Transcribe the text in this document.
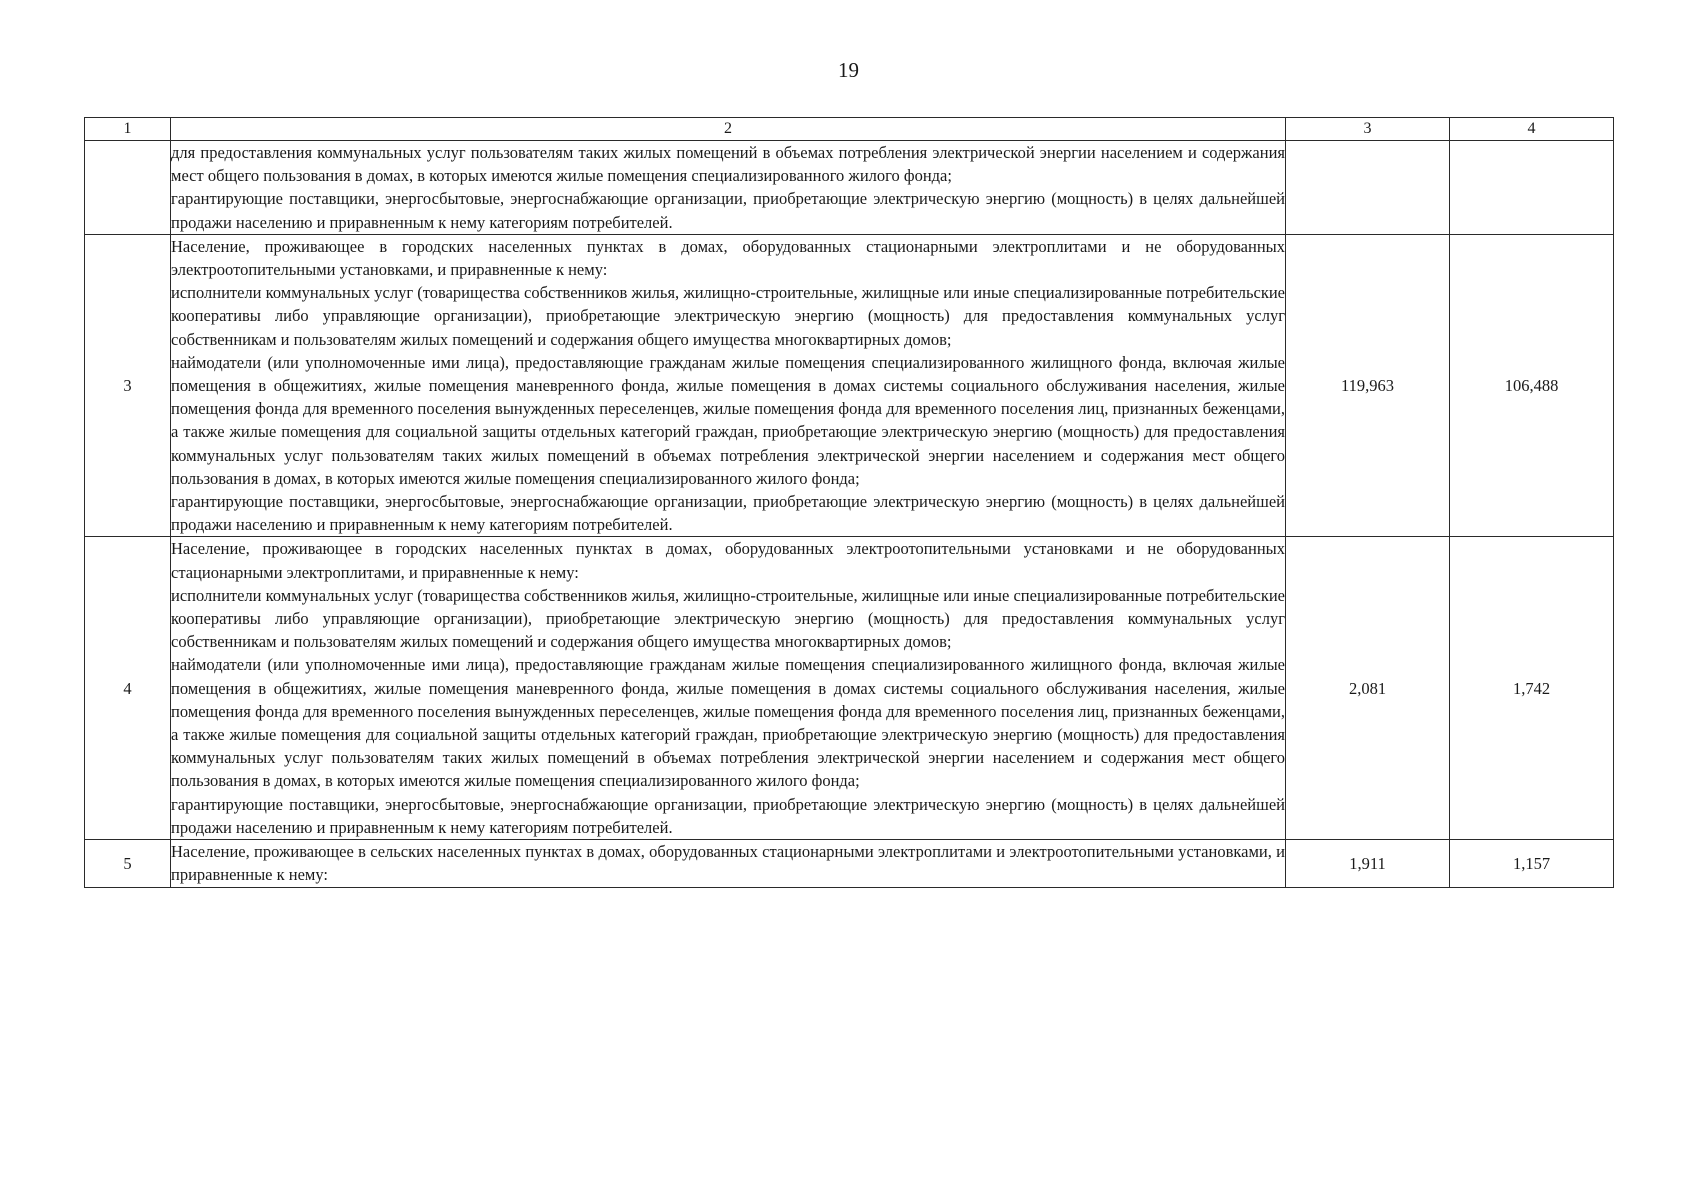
19
1	2	3	4

	для предоставления коммунальных услуг пользователям таких жилых помещений в объемах потребления электрической энергии населением и содержания мест общего пользования в домах, в которых имеются жилые помещения специализированного жилого фонда;

гарантирующие поставщики, энергосбытовые, энергоснабжающие организации, приобретающие электрическую энергию (мощность) в целях дальнейшей продажи населению и приравненным к нему категориям потребителей.		

3	Население, проживающее в городских населенных пунктах в домах, оборудованных стационарными электроплитами и не оборудованных электроотопительными установками, и приравненные к нему:

исполнители коммунальных услуг (товарищества собственников жилья, жилищно-строительные, жилищные или иные специализированные потребительские кооперативы либо управляющие организации), приобретающие электрическую энергию (мощность) для предоставления коммунальных услуг собственникам и пользователям жилых помещений и содержания общего имущества многоквартирных домов;

наймодатели (или уполномоченные ими лица), предоставляющие гражданам жилые помещения специализированного жилищного фонда, включая жилые помещения в общежитиях, жилые помещения маневренного фонда, жилые помещения в домах системы социального обслуживания населения, жилые помещения фонда для временного поселения вынужденных переселенцев, жилые помещения фонда для временного поселения лиц, признанных беженцами, а также жилые помещения для социальной защиты отдельных категорий граждан, приобретающие электрическую энергию (мощность) для предоставления коммунальных услуг пользователям таких жилых помещений в объемах потребления электрической энергии населением и содержания мест общего пользования в домах, в которых имеются жилые помещения специализированного жилого фонда;

гарантирующие поставщики, энергосбытовые, энергоснабжающие организации, приобретающие электрическую энергию (мощность) в целях дальнейшей продажи населению и приравненным к нему категориям потребителей.	119,963	106,488
4	Население, проживающее в городских населенных пунктах в домах, оборудованных электроотопительными установками и не оборудованных стационарными электроплитами, и приравненные к нему:

исполнители коммунальных услуг (товарищества собственников жилья, жилищно-строительные, жилищные или иные специализированные потребительские кооперативы либо управляющие организации), приобретающие электрическую энергию (мощность) для предоставления коммунальных услуг собственникам и пользователям жилых помещений и содержания общего имущества многоквартирных домов;

наймодатели (или уполномоченные ими лица), предоставляющие гражданам жилые помещения специализированного жилищного фонда, включая жилые помещения в общежитиях, жилые помещения маневренного фонда, жилые помещения в домах системы социального обслуживания населения, жилые помещения фонда для временного поселения вынужденных переселенцев, жилые помещения фонда для временного поселения лиц, признанных беженцами, а также жилые помещения для социальной защиты отдельных категорий граждан, приобретающие электрическую энергию (мощность) для предоставления коммунальных услуг пользователям таких жилых помещений в объемах потребления электрической энергии населением и содержания мест общего пользования в домах, в которых имеются жилые помещения специализированного жилого фонда;

гарантирующие поставщики, энергосбытовые, энергоснабжающие организации, приобретающие электрическую энергию (мощность) в целях дальнейшей продажи населению и приравненным к нему категориям потребителей.	2,081	1,742
5	Население, проживающее в сельских населенных пунктах в домах, оборудованных стационарными электроплитами и электроотопительными установками, и приравненные к нему:	1,911	1,157
